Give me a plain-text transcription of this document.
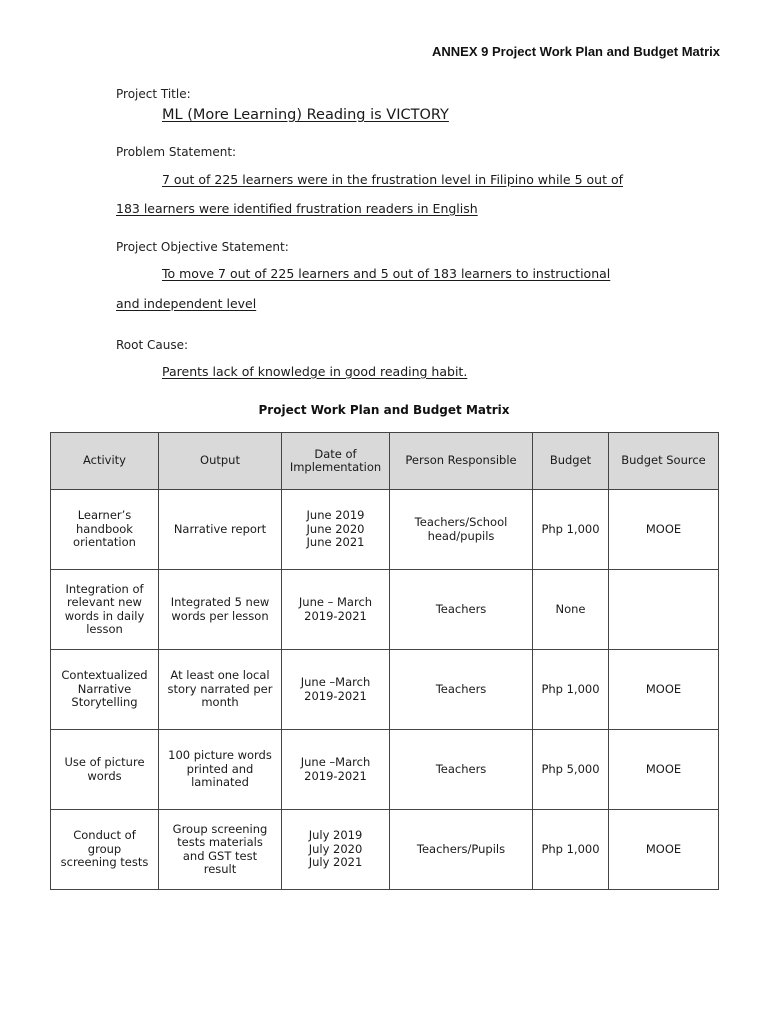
ANNEX 9 Project Work Plan and Budget Matrix
Project Title:
ML (More Learning) Reading is VICTORY
Problem Statement:
7 out of 225 learners were in the frustration level in Filipino while 5 out of
183 learners were identified frustration readers in English
Project Objective Statement:
To move 7 out of 225 learners and 5 out of 183 learners to instructional
and independent level
Root Cause:
Parents lack of knowledge in good reading habit.
Project Work Plan and Budget Matrix
Activity	Output	Date of
Implementation	Person Responsible	Budget	Budget Source
Learner’s
handbook
orientation	Narrative report	June 2019
June 2020
June 2021	Teachers/School
head/pupils	Php 1,000	MOOE
Integration of
relevant new
words in daily
lesson	Integrated 5 new
words per lesson	June – March
2019-2021	Teachers	None	
Contextualized
Narrative
Storytelling	At least one local
story narrated per
month	June –March
2019-2021	Teachers	Php 1,000	MOOE
Use of picture
words	100 picture words
printed and
laminated	June –March
2019-2021	Teachers	Php 5,000	MOOE
Conduct of
group
screening tests	Group screening
tests materials
and GST test
result	July 2019
July 2020
July 2021	Teachers/Pupils	Php 1,000	MOOE
